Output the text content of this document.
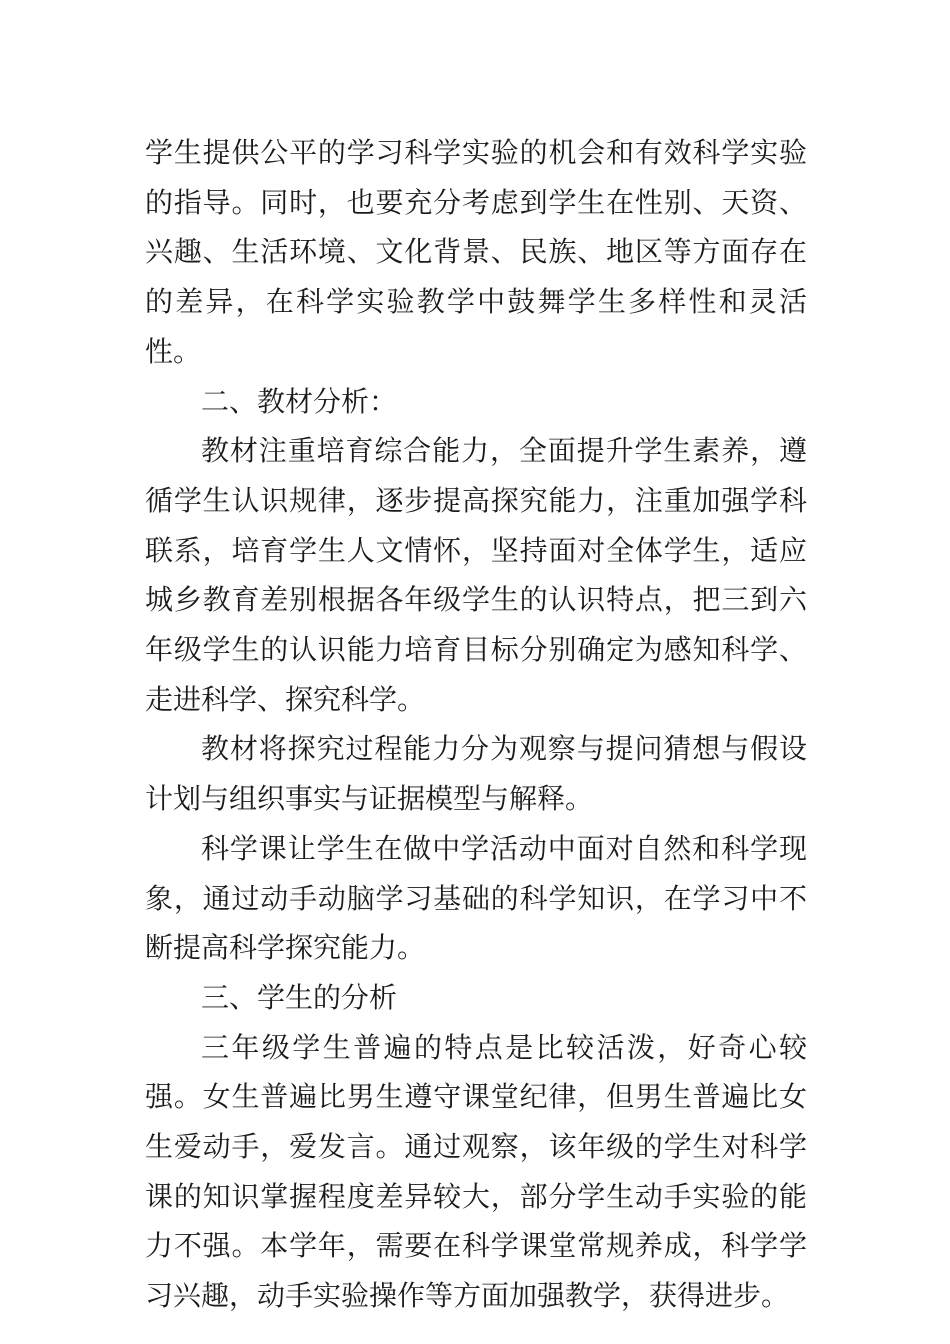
学生提供公平的学习科学实验的机会和有效科学实验的指导。同时，也要充分考虑到学生在性别、天资、兴趣、生活环境、文化背景、民族、地区等方面存在的差异，在科学实验教学中鼓舞学生多样性和灵活性。

二、教材分析：

教材注重培育综合能力，全面提升学生素养，遵循学生认识规律，逐步提高探究能力，注重加强学科联系，培育学生人文情怀，坚持面对全体学生，适应城乡教育差别根据各年级学生的认识特点，把三到六年级学生的认识能力培育目标分别确定为感知科学、走进科学、探究科学。

教材将探究过程能力分为观察与提问猜想与假设计划与组织事实与证据模型与解释。

科学课让学生在做中学活动中面对自然和科学现象，通过动手动脑学习基础的科学知识，在学习中不断提高科学探究能力。

三、学生的分析

三年级学生普遍的特点是比较活泼，好奇心较强。女生普遍比男生遵守课堂纪律，但男生普遍比女生爱动手，爱发言。通过观察，该年级的学生对科学课的知识掌握程度差异较大，部分学生动手实验的能力不强。本学年，需要在科学课堂常规养成，科学学习兴趣，动手实验操作等方面加强教学，获得进步。
